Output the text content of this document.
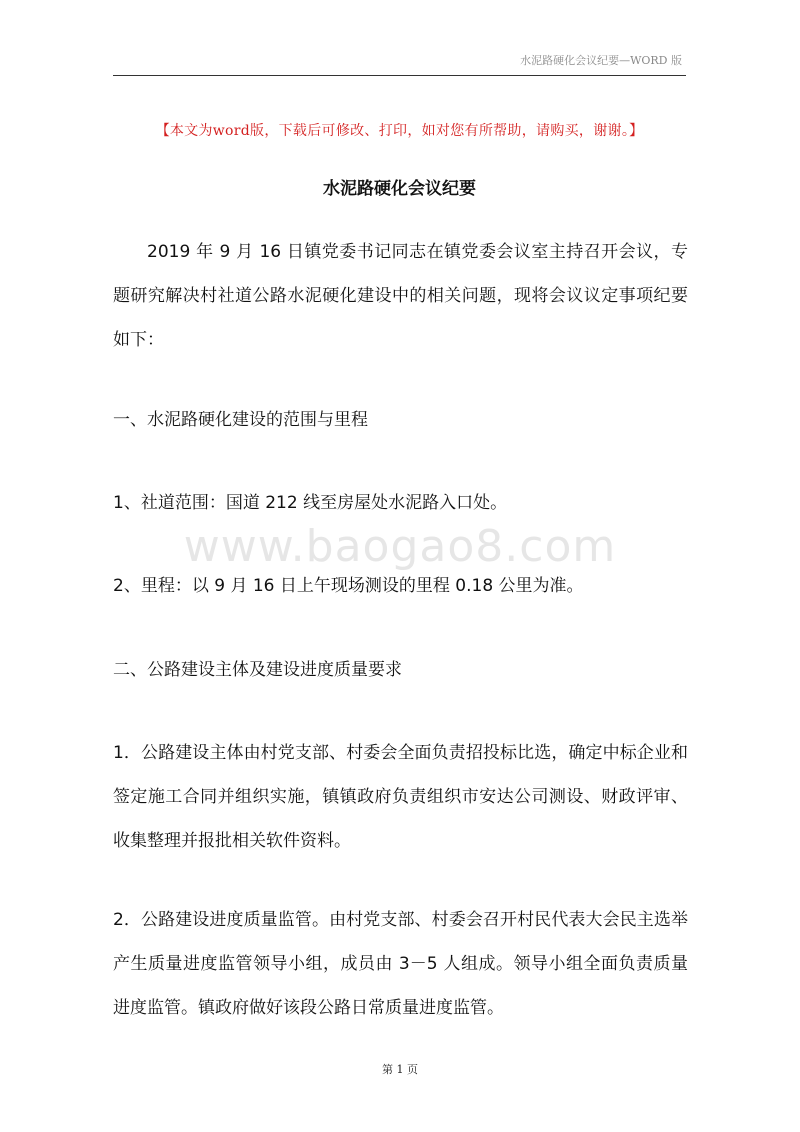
水泥路硬化会议纪要—WORD 版
【本文为word版，下载后可修改、打印，如对您有所帮助，请购买，谢谢。】
水泥路硬化会议纪要
2019 年 9 月 16 日镇党委书记同志在镇党委会议室主持召开会议，专题研究解决村社道公路水泥硬化建设中的相关问题，现将会议议定事项纪要如下：
一、水泥路硬化建设的范围与里程
1、社道范围：国道 212 线至房屋处水泥路入口处。
www.baogao8.com
2、里程：以 9 月 16 日上午现场测设的里程 0.18 公里为准。
二、公路建设主体及建设进度质量要求
1．公路建设主体由村党支部、村委会全面负责招投标比选，确定中标企业和签定施工合同并组织实施，镇镇政府负责组织市安达公司测设、财政评审、收集整理并报批相关软件资料。
2．公路建设进度质量监管。由村党支部、村委会召开村民代表大会民主选举产生质量进度监管领导小组，成员由 3－5 人组成。领导小组全面负责质量进度监管。镇政府做好该段公路日常质量进度监管。
第 1 页
